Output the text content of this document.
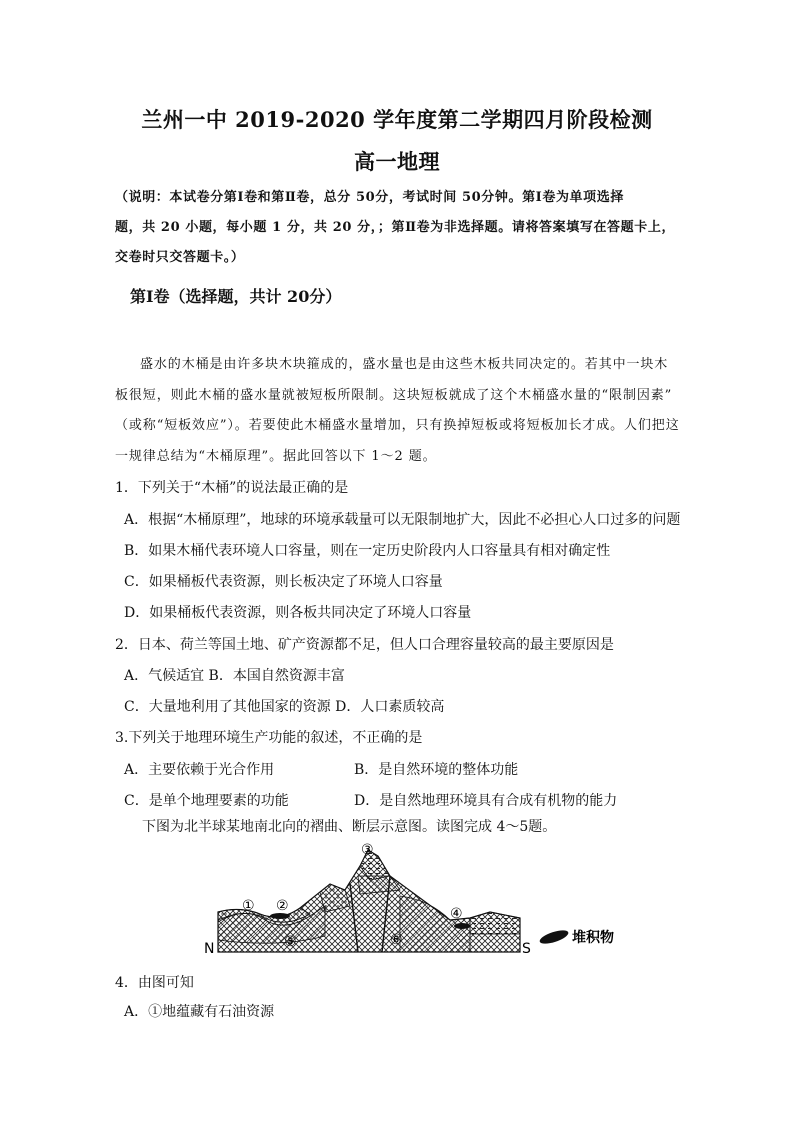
兰州一中 2019-2020 学年度第二学期四月阶段检测
高一地理
（说明：本试卷分第Ⅰ卷和第Ⅱ卷，总分 50分，考试时间 50分钟。第Ⅰ卷为单项选择
题，共 20 小题，每小题 1 分，共 20 分，；第Ⅱ卷为非选择题。请将答案填写在答题卡上，
交卷时只交答题卡。）
第Ⅰ卷（选择题，共计 20分）
盛水的木桶是由许多块木块箍成的，盛水量也是由这些木板共同决定的。若其中一块木
板很短，则此木桶的盛水量就被短板所限制。这块短板就成了这个木桶盛水量的“限制因素”
（或称“短板效应”）。若要使此木桶盛水量增加，只有换掉短板或将短板加长才成。人们把这
一规律总结为“木桶原理”。据此回答以下 1～2 题。
1．下列关于“木桶”的说法最正确的是
A．根据“木桶原理”，地球的环境承载量可以无限制地扩大，因此不必担心人口过多的问题
B．如果木桶代表环境人口容量，则在一定历史阶段内人口容量具有相对确定性
C．如果桶板代表资源，则长板决定了环境人口容量
D．如果桶板代表资源，则各板共同决定了环境人口容量
2．日本、荷兰等国土地、矿产资源都不足，但人口合理容量较高的最主要原因是
A．气候适宜 B．本国自然资源丰富
C．大量地利用了其他国家的资源 D．人口素质较高
3.下列关于地理环境生产功能的叙述，不正确的是
A．主要依赖于光合作用	B．是自然环境的整体功能
C．是单个地理要素的功能	D．是自然地理环境具有合成有机物的能力
下图为北半球某地南北向的褶曲、断层示意图。读图完成 4～5题。
N	S
① ②
③
④
⑤	⑥	堆积物
4．由图可知
A．①地蕴藏有石油资源
